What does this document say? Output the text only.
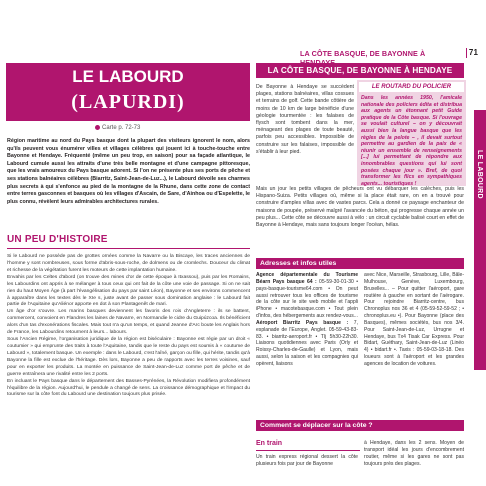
LA CÔTE BASQUE, DE BAYONNE À	71
LE LABOURD
LE LABOURD
(LAPURDI)
Carte p. 72-73
Région maritime au nord du Pays basque dont la plupart des visiteurs ignorent le nom, alors qu'ils peuvent vous énumérer villes et villages célèbres qui jouent ici à touche-touche entre Bayonne et Hendaye. Fréquenté (même un peu trop, en saison) pour sa façade atlantique, le Labourd cumule aussi les attraits d'une très belle montagne et d'une campagne pittoresque, que les vrais amoureux du Pays basque adorent. Si l'on ne présente plus ses ports de pêche et ses stations balnéaires célèbres (Biarritz, Saint-Jean-de-Luz...), le Labourd dévoile ses charmes plus secrets à qui s'enfonce au pied de la montagne de la Rhune, dans cette zone de contact entre terres gasconnes et basques où les villages d'Ascain, de Sare, d'Ainhoa ou d'Espelette, le plus connu, révèlent leurs admirables architectures rurales.
UN PEU D'HISTOIRE

Si le Labourd ne possède pas de grottes ornées comme la Navarre ou la Biscaye, les traces anciennes de l'homme y sont nombreuses, sous forme d'abris-sous-roche, de dolmens ou de cromlechs. Douceur du climat et richesse de la végétation furent les moteurs de cette implantation humaine.

Envahis par les Celtes d'abord (on trouve des mines d'or de cette époque à Itxassou), puis par les Romains, les Labourdins ont appris à se mélanger à tous ceux qui ont fait de la côte une voie de passage. Si on ne sait rien du haut Moyen Âge (à part l'évangélisation du pays par saint Léon), Bayonne et ses environs commencent à apparaître dans les textes dès le XIe s, juste avant de passer sous domination anglaise : le Labourd fait partie de l'Aquitaine qu'Aliénor apporte en dot à son Plantagenêt de mari.

Un âge d'or s'ouvre. Les marins basques deviennent les favoris des rois d'Angleterre : ils se battent, commercent, convoient en Flandres les laines de Navarre, en Normandie le cidre du Guipúzcoa. Ils bénéficient alors d'un tas d'exonérations fiscales. Mais tout n'a qu'un temps, et quand Jeanne d'Arc boute les Anglais hors de France, les Labourdins retournent à leurs... labours.

Sous l'Ancien Régime, l'organisation juridique de la région est biséculaire : Bayonne est régie par un droit « coutumier » qui emprunte des traits à toute l'Aquitaine, tandis que le reste du pays est soumis à « coutume de Labourd », totalement basque. Un exemple : dans le Labourd, c'est l'aîné, garçon ou fille, qui hérite, tandis qu'à Bayonne la fille est exclue de l'héritage. Dès lors, Bayonne a peu de rapports avec les terres voisines, sauf pour en exporter les produits. La montée en puissance de Saint-Jean-de-Luz comme port de pêche et de guerre entraînera une rivalité entre les 2 ports.

En incluant le Pays basque dans le département des Basses-Pyrénées, la Révolution modifiera profondément l'équilibre de la région. Aujourd'hui, le pendule a changé de sens. La croissance démographique et l'impact du tourisme sur la côte font du Labourd une destination toujours plus prisée.

LA CÔTE BASQUE, DE BAYONNE À HENDAYE
De Bayonne à Hendaye se succèdent plages, stations balnéaires, villas cossues et terrains de golf. Cette bande côtière de moins de 10 km de large bénéficie d'une géologie tourmentée : les falaises de flysch sont tombent dans la mer, ménageant des plages de toute beauté, parfois peu accessibles. Impossible de construire sur les falaises, impossible de s'établir à leur pied.
LE ROUTARD DU POLICIER
Dans les années 1950, l'amicale nationale des policiers édita et distribua aux agents un étonnant petit Guide pratique de la Côte basque. Si l'ouvrage se voulait culturel – on y découvrait aussi bien la langue basque que les règles de la pelote – , il devait surtout permettre au gardien de la paix de « réunir un ensemble de renseignements [...] lui permettant de répondre aux innombrables questions qui lui sont posées chaque jour ». Bref, de quoi transformer les flics en sympathiques agents... touristiques !
Mais un jour les petits villages de pêcheurs ont vu débarquer les calèches, puis les Hispano-Suiza. Petits villages où, même si la place était rare, on en a trouvé pour construire d'amples villas avec de vastes parcs. Cela a donné ce paysage enchanteur de maisons de poupée, préservé malgré l'avancée du béton, qui progresse chaque année un peu plus... Cette côte se découvre aussi à vélo : un circuit cyclable balisé court en effet de Bayonne à Hendaye, mais sans toujours longer l'océan, hélas.
Adresses et infos utiles
Agence départementale du Tourisme Béarn Pays basque 64 : 05-59-30-01-30 • pays-basque-tourisme64.com • On peut aussi retrouver tous les offices de tourisme de la côte sur le site web mobile et l'appli iPhone • macotebasque.com • Tout plein d'infos, des hébergements aux rendez-vous...
Aéroport Biarritz Pays basque : 7, esplanade de l'Europe, Anglet. 05-59-43-83-83. • biarritz-aeroport.fr • Tlj 5h30-22h30. Liaisons quotidiennes avec Paris (Orly et Roissy-Charles-de-Gaulle) et Lyon, mais aussi, selon la saison et les compagnies qui opèrent, liaisons
avec Nice, Marseille, Strasbourg, Lille, Bâle-Mulhouse, Genève, Luxembourg, Bruxelles... – Pour quitter l'aéroport, gare routière à gauche en sortant de l'aérogare. Pour rejoindre Biarritz-centre, bus Chronoplus nos 36 et 4 (05-59-52-59-52 ; • chronoplus.eu •). Pour Bayonne (place des Basques), mêmes sociétés, bus nos 3/4. Pour Saint-Jean-de-Luz, Urrugne et Hendaye, bus Tx4 Tisak Car Express. Pour Bidart, Guéthary, Saint-Jean-de-Luz (Linéo 4) • bidart.fr •. Taxis : 05-59-03-18-18. Des loueurs sont à l'aéroport et les grandes agences de location de voitures.
Comment se déplacer sur la côte ?
En train
Un train express régional dessert la côte plusieurs fois par jour de Bayonne
à Hendaye, dans les 2 sens. Moyen de transport idéal les jours d'encombrement routier, même si les gares ne sont pas toujours près des plages.
